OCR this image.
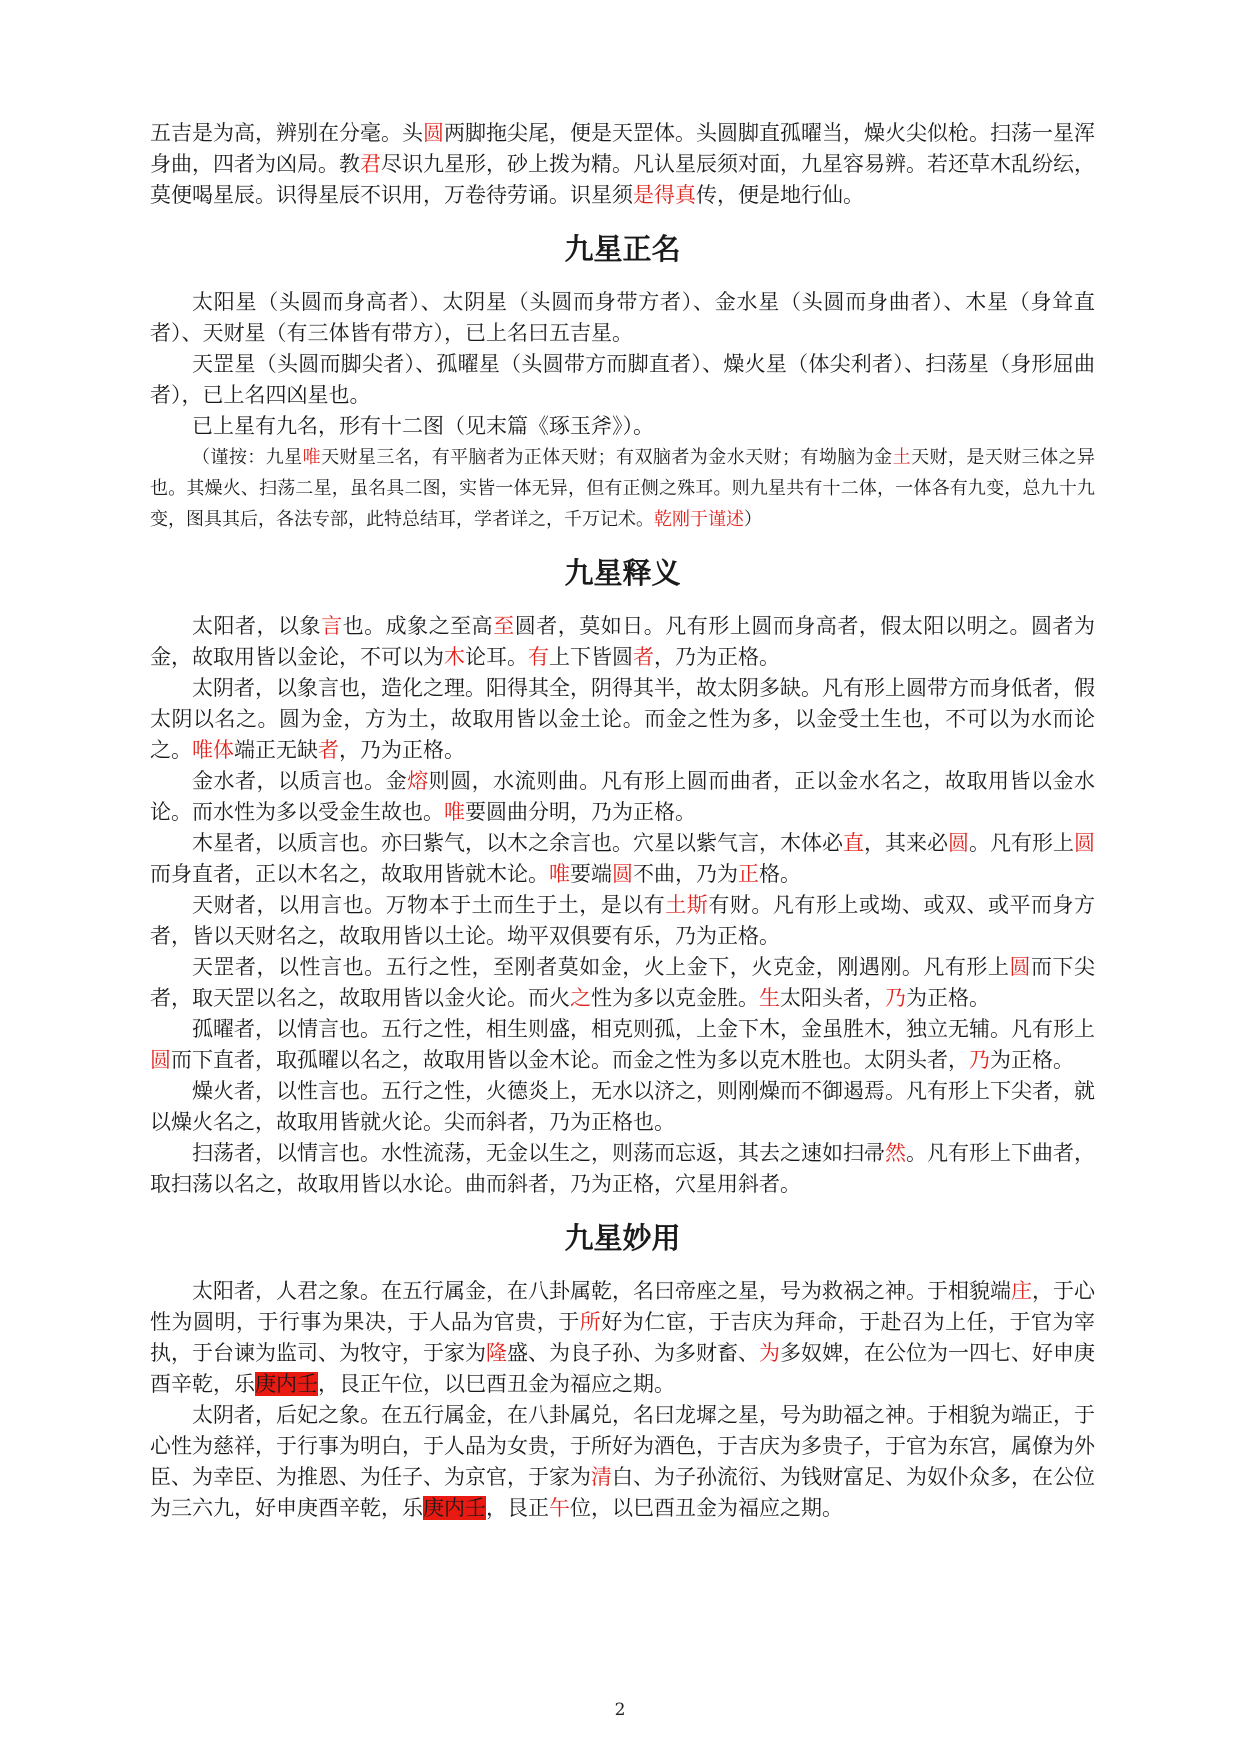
五吉是为高，辨别在分毫。头圆两脚拖尖尾，便是天罡体。头圆脚直孤曜当，燥火尖似枪。扫荡一星浑身曲，四者为凶局。教君尽识九星形，砂上拨为精。凡认星辰须对面，九星容易辨。若还草木乱纷纭，莫便喝星辰。识得星辰不识用，万卷待劳诵。识星须是得真传，便是地行仙。

九星正名

太阳星（头圆而身高者）、太阴星（头圆而身带方者）、金水星（头圆而身曲者）、木星（身耸直者）、天财星（有三体皆有带方），已上名曰五吉星。

天罡星（头圆而脚尖者）、孤曜星（头圆带方而脚直者）、燥火星（体尖利者）、扫荡星（身形屈曲者），已上名四凶星也。

已上星有九名，形有十二图（见末篇《琢玉斧》）。

（谨按：九星唯天财星三名，有平脑者为正体天财；有双脑者为金水天财；有坳脑为金土天财，是天财三体之异也。其燥火、扫荡二星，虽名具二图，实皆一体无异，但有正侧之殊耳。则九星共有十二体，一体各有九变，总九十九变，图具其后，各法专部，此特总结耳，学者详之，千万记术。乾刚于谨述）

九星释义

太阳者，以象言也。成象之至高至圆者，莫如日。凡有形上圆而身高者，假太阳以明之。圆者为金，故取用皆以金论，不可以为木论耳。有上下皆圆者，乃为正格。

太阴者，以象言也，造化之理。阳得其全，阴得其半，故太阴多缺。凡有形上圆带方而身低者，假太阴以名之。圆为金，方为土，故取用皆以金土论。而金之性为多，以金受土生也，不可以为水而论之。唯体端正无缺者，乃为正格。

金水者，以质言也。金熔则圆，水流则曲。凡有形上圆而曲者，正以金水名之，故取用皆以金水论。而水性为多以受金生故也。唯要圆曲分明，乃为正格。

木星者，以质言也。亦曰紫气，以木之余言也。穴星以紫气言，木体必直，其来必圆。凡有形上圆而身直者，正以木名之，故取用皆就木论。唯要端圆不曲，乃为正格。

天财者，以用言也。万物本于土而生于土，是以有土斯有财。凡有形上或坳、或双、或平而身方者，皆以天财名之，故取用皆以土论。坳平双俱要有乐，乃为正格。

天罡者，以性言也。五行之性，至刚者莫如金，火上金下，火克金，刚遇刚。凡有形上圆而下尖者，取天罡以名之，故取用皆以金火论。而火之性为多以克金胜。生太阳头者，乃为正格。

孤曜者，以情言也。五行之性，相生则盛，相克则孤，上金下木，金虽胜木，独立无辅。凡有形上圆而下直者，取孤曜以名之，故取用皆以金木论。而金之性为多以克木胜也。太阴头者，乃为正格。

燥火者，以性言也。五行之性，火德炎上，无水以济之，则刚燥而不御遏焉。凡有形上下尖者，就以燥火名之，故取用皆就火论。尖而斜者，乃为正格也。

扫荡者，以情言也。水性流荡，无金以生之，则荡而忘返，其去之速如扫帚然。凡有形上下曲者，取扫荡以名之，故取用皆以水论。曲而斜者，乃为正格，穴星用斜者。

九星妙用

太阳者，人君之象。在五行属金，在八卦属乾，名曰帝座之星，号为救祸之神。于相貌端庄，于心性为圆明，于行事为果决，于人品为官贵，于所好为仁宦，于吉庆为拜命，于赴召为上任，于官为宰执，于台谏为监司、为牧守，于家为隆盛、为良子孙、为多财畜、为多奴婢，在公位为一四七、好申庚酉辛乾，乐庚内壬，艮正午位，以巳酉丑金为福应之期。

太阴者，后妃之象。在五行属金，在八卦属兑，名曰龙墀之星，号为助福之神。于相貌为端正，于心性为慈祥，于行事为明白，于人品为女贵，于所好为酒色，于吉庆为多贵子，于官为东宫，属僚为外臣、为幸臣、为推恩、为任子、为京官，于家为清白、为子孙流衍、为钱财富足、为奴仆众多，在公位为三六九，好申庚酉辛乾，乐庚内壬，艮正午位，以巳酉丑金为福应之期。

2
